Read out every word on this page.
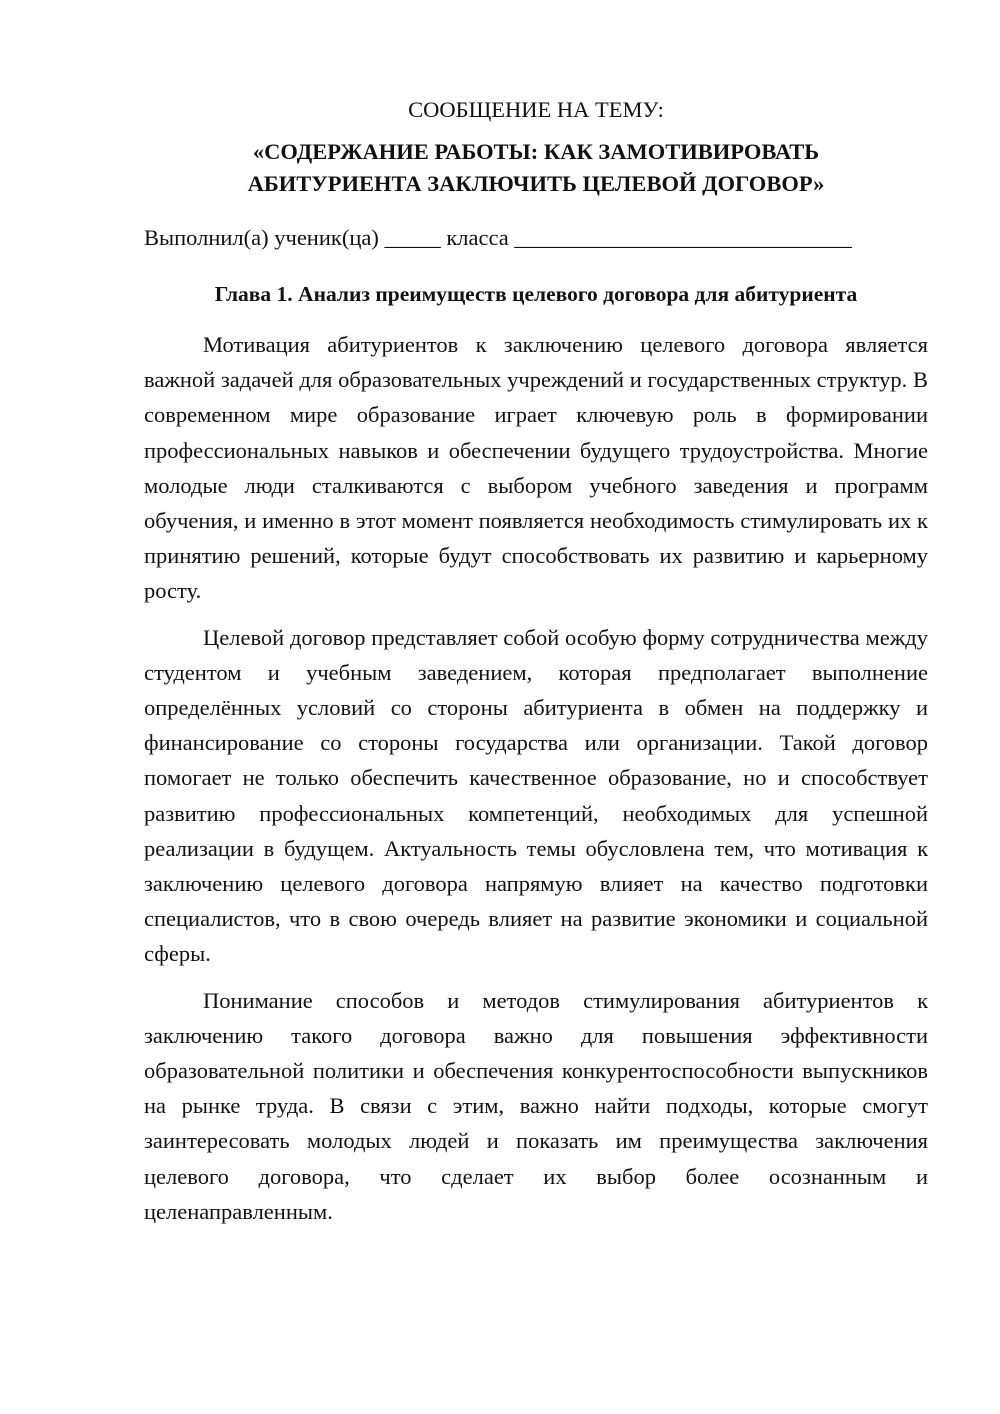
СООБЩЕНИЕ НА ТЕМУ:

«СОДЕРЖАНИЕ РАБОТЫ: КАК ЗАМОТИВИРОВАТЬ
АБИТУРИЕНТА ЗАКЛЮЧИТЬ ЦЕЛЕВОЙ ДОГОВОР»

Выполнил(а) ученик(ца) _____ класса ______________________________

Глава 1. Анализ преимуществ целевого договора для абитуриента

Мотивация абитуриентов к заключению целевого договора является важной задачей для образовательных учреждений и государственных структур. В современном мире образование играет ключевую роль в формировании профессиональных навыков и обеспечении будущего трудоустройства. Многие молодые люди сталкиваются с выбором учебного заведения и программ обучения, и именно в этот момент появляется необходимость стимулировать их к принятию решений, которые будут способствовать их развитию и карьерному росту.

Целевой договор представляет собой особую форму сотрудничества между студентом и учебным заведением, которая предполагает выполнение определённых условий со стороны абитуриента в обмен на поддержку и финансирование со стороны государства или организации. Такой договор помогает не только обеспечить качественное образование, но и способствует развитию профессиональных компетенций, необходимых для успешной реализации в будущем. Актуальность темы обусловлена тем, что мотивация к заключению целевого договора напрямую влияет на качество подготовки специалистов, что в свою очередь влияет на развитие экономики и социальной сферы.

Понимание способов и методов стимулирования абитуриентов к заключению такого договора важно для повышения эффективности образовательной политики и обеспечения конкурентоспособности выпускников на рынке труда. В связи с этим, важно найти подходы, которые смогут заинтересовать молодых людей и показать им преимущества заключения целевого договора, что сделает их выбор более осознанным и целенаправленным.
